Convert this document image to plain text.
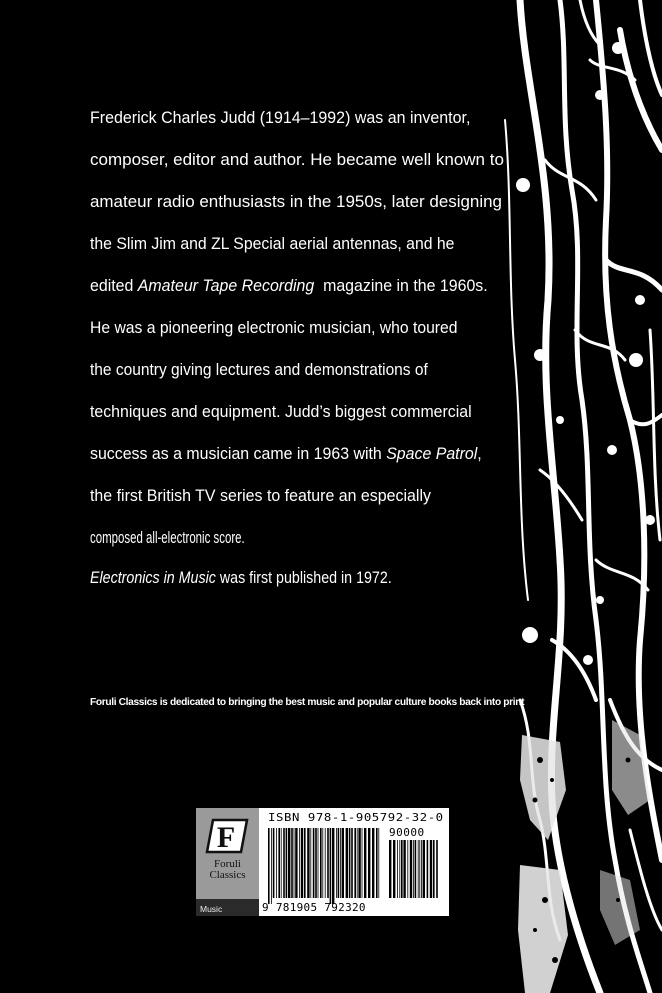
Frederick Charles Judd (1914–1992) was an inventor,
composer, editor and author. He became well known to
amateur radio enthusiasts in the 1950s, later designing
the Slim Jim and ZL Special aerial antennas, and he
edited Amateur Tape Recording  magazine in the 1960s.
He was a pioneering electronic musician, who toured
the country giving lectures and demonstrations of
techniques and equipment. Judd’s biggest commercial
success as a musician came in 1963 with Space Patrol,
the first British TV series to feature an especially
composed all-electronic score.
Electronics in Music was first published in 1972.
Foruli Classics is dedicated to bringing the best music and popular culture books back into print
F
Foruli
Classics
Music
ISBN 978-1-905792-32-0
90000
9 781905 792320
